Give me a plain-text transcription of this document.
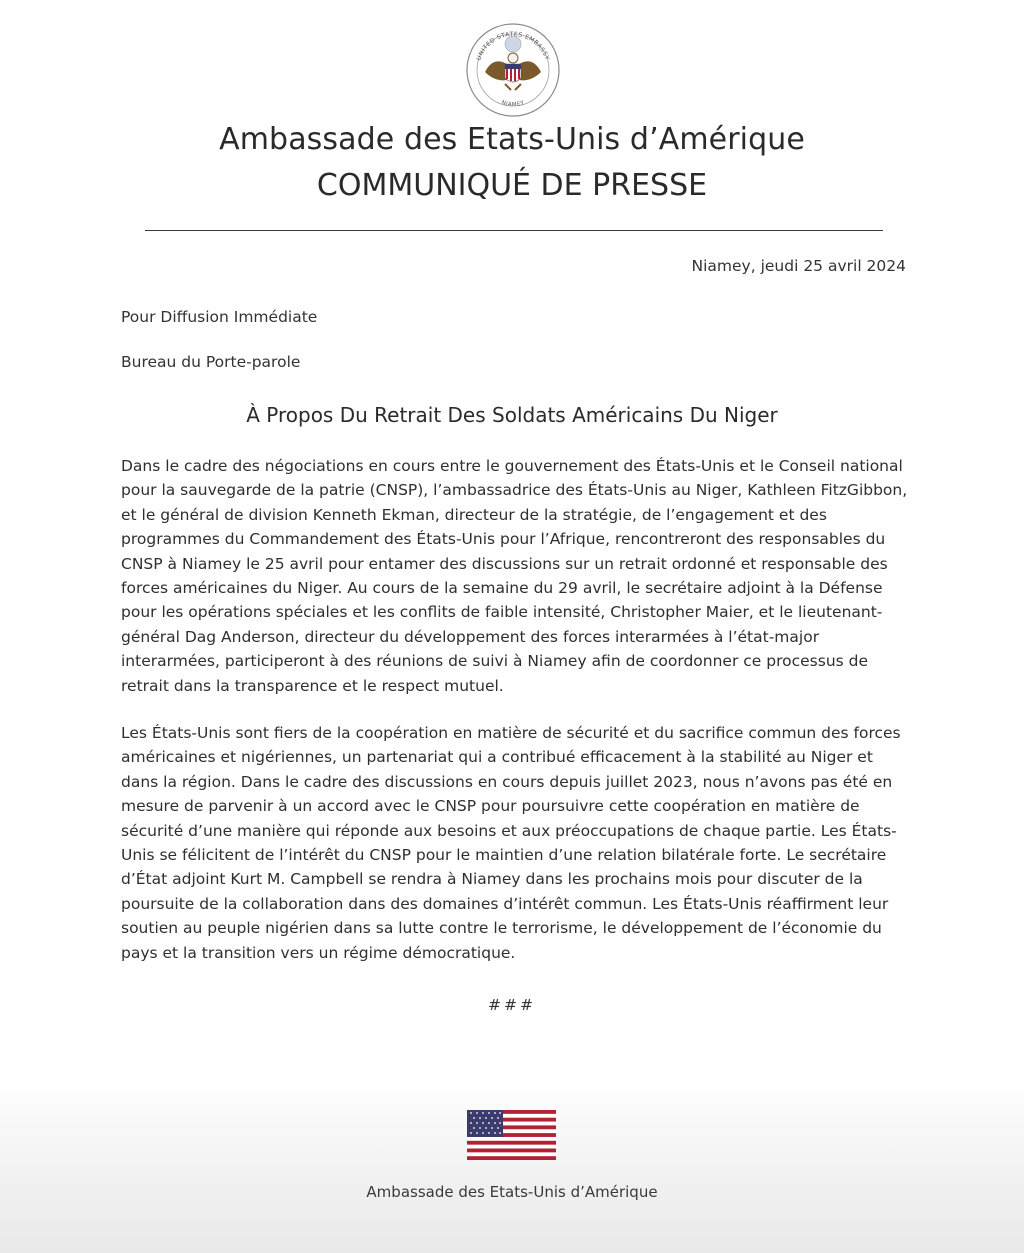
UNITED STATES EMBASSY
NIAMEY
Ambassade des Etats-Unis d’Amérique
COMMUNIQUÉ DE PRESSE
Niamey, jeudi 25 avril 2024
Pour Diffusion Immédiate
Bureau du Porte-parole
À Propos Du Retrait Des Soldats Américains Du Niger

Dans le cadre des négociations en cours entre le gouvernement des États-Unis et le Conseil national pour la sauvegarde de la patrie (CNSP), l’ambassadrice des États-Unis au Niger, Kathleen FitzGibbon, et le général de division Kenneth Ekman, directeur de la stratégie, de l’engagement et des programmes du Commandement des États-Unis pour l’Afrique, rencontreront des responsables du CNSP à Niamey le 25 avril pour entamer des discussions sur un retrait ordonné et responsable des forces américaines du Niger. Au cours de la semaine du 29 avril, le secrétaire adjoint à la Défense pour les opérations spéciales et les conflits de faible intensité, Christopher Maier, et le lieutenant-général Dag Anderson, directeur du développement des forces interarmées à l’état-major interarmées, participeront à des réunions de suivi à Niamey afin de coordonner ce processus de retrait dans la transparence et le respect mutuel.

Les États-Unis sont fiers de la coopération en matière de sécurité et du sacrifice commun des forces américaines et nigériennes, un partenariat qui a contribué efficacement à la stabilité au Niger et dans la région. Dans le cadre des discussions en cours depuis juillet 2023, nous n’avons pas été en mesure de parvenir à un accord avec le CNSP pour poursuivre cette coopération en matière de sécurité d’une manière qui réponde aux besoins et aux préoccupations de chaque partie. Les États-Unis se félicitent de l’intérêt du CNSP pour le maintien d’une relation bilatérale forte. Le secrétaire d’État adjoint Kurt M. Campbell se rendra à Niamey dans les prochains mois pour discuter de la poursuite de la collaboration dans des domaines d’intérêt commun. Les États-Unis réaffirment leur soutien au peuple nigérien dans sa lutte contre le terrorisme, le développement de l’économie du pays et la transition vers un régime démocratique.

###
Ambassade des Etats-Unis d’Amérique
